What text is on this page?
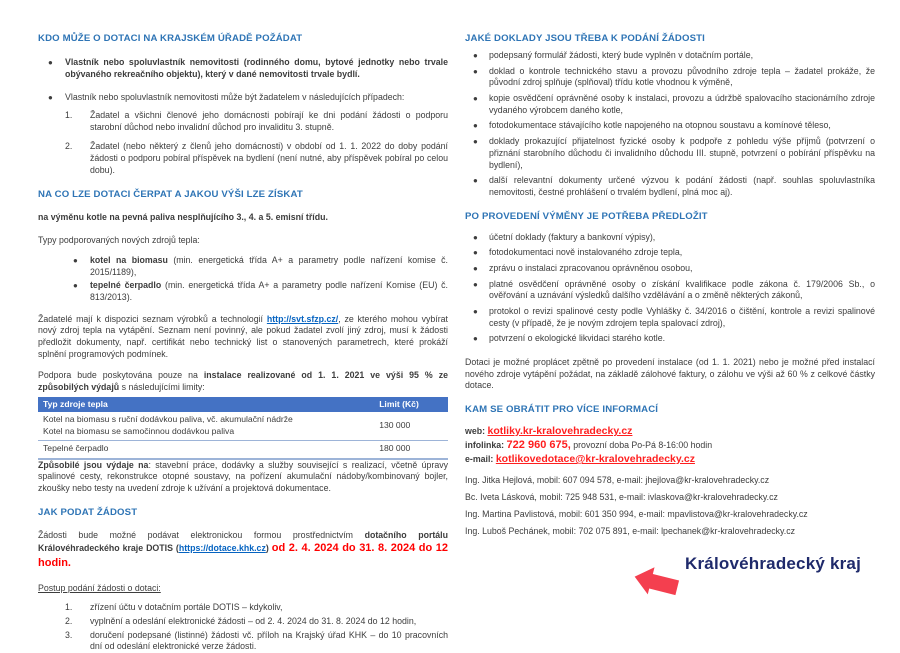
KDO MŮŽE O DOTACI NA KRAJSKÉM ÚŘADĚ POŽÁDAT
●	Vlastník nebo spoluvlastník nemovitosti (rodinného domu, bytové jednotky nebo trvale obývaného rekreačního objektu), který v dané nemovitosti trvale bydlí.

●	Vlastník nebo spoluvlastník nemovitosti může být žadatelem v následujících případech:

1.	Žadatel a všichni členové jeho domácnosti pobírají ke dni podání žádosti o podporu starobní důchod nebo invalidní důchod pro invaliditu 3. stupně.

2.	Žadatel (nebo některý z členů jeho domácnosti) v období od 1. 1. 2022 do doby podání žádosti o podporu pobíral příspěvek na bydlení (není nutné, aby příspěvek pobíral po celou dobu).

NA CO LZE DOTACI ČERPAT A JAKOU VÝŠI LZE ZÍSKAT

na výměnu kotle na pevná paliva nesplňujícího 3., 4. a 5. emisní třídu.

Typy podporovaných nových zdrojů tepla:

●	kotel na biomasu (min. energetická třída A+ a parametry podle nařízení komise č. 2015/1189),

●	tepelné čerpadlo (min. energetická třída A+ a parametry podle nařízení Komise (EU) č. 813/2013).

Žadatelé mají k dispozici seznam výrobků a technologií http://svt.sfzp.cz/, ze kterého mohou vybírat nový zdroj tepla na vytápění. Seznam není povinný, ale pokud žadatel zvolí jiný zdroj, musí k žádosti předložit dokumenty, např. certifikát nebo technický list o stanovených parametrech, které prokáží splnění programových podmínek.

Podpora bude poskytována pouze na instalace realizované od 1. 1. 2021 ve výši 95 % ze způsobilých výdajů s následujícími limity:

Typ zdroje tepla	Limit (Kč)
Kotel na biomasu s ruční dodávkou paliva, vč. akumulační nádrže
Kotel na biomasu se samočinnou dodávkou paliva	130 000
Tepelné čerpadlo	180 000

Způsobilé jsou výdaje na: stavební práce, dodávky a služby související s realizací, včetně úpravy spalinové cesty, rekonstrukce otopné soustavy, na pořízení akumulační nádoby/kombinovaný bojler, zkoušky nebo testy na uvedení zdroje k užívání a projektová dokumentace.

JAK PODAT ŽÁDOST

Žádosti bude možné podávat elektronickou formou prostřednictvím dotačního portálu Královéhradeckého kraje DOTIS (https://dotace.khk.cz) od 2. 4. 2024 do 31. 8. 2024 do 12 hodin.

Postup podání žádosti o dotaci:

1.	zřízení účtu v dotačním portále DOTIS – kdykoliv,

2.	vyplnění a odeslání elektronické žádosti – od 2. 4. 2024 do 31. 8. 2024 do 12 hodin,

3.	doručení podepsané (listinné) žádosti vč. příloh na Krajský úřad KHK – do 10 pracovních dní od odeslání elektronické verze žádosti.

JAKÉ DOKLADY JSOU TŘEBA K PODÁNÍ ŽÁDOSTI
●	podepsaný formulář žádosti, který bude vyplněn v dotačním portále,

●	doklad o kontrole technického stavu a provozu původního zdroje tepla – žadatel prokáže, že původní zdroj splňuje (splňoval) třídu kotle vhodnou k výměně,

●	kopie osvědčení oprávněné osoby k instalaci, provozu a údržbě spalovacího stacionárního zdroje vydaného výrobcem daného kotle,

●	fotodokumentace stávajícího kotle napojeného na otopnou soustavu a komínové těleso,

●	doklady prokazující přijatelnost fyzické osoby k podpoře z pohledu výše příjmů (potvrzení o přiznání starobního důchodu či invalidního důchodu III. stupně, potvrzení o pobírání příspěvku na bydlení),

●	další relevantní dokumenty určené výzvou k podání žádosti (např. souhlas spoluvlastníka nemovitosti, čestné prohlášení o trvalém bydlení, plná moc aj).

PO PROVEDENÍ VÝMĚNY JE POTŘEBA PŘEDLOŽIT
●	účetní doklady (faktury a bankovní výpisy),

●	fotodokumentaci nově instalovaného zdroje tepla,

●	zprávu o instalaci zpracovanou oprávněnou osobou,

●	platné osvědčení oprávněné osoby o získání kvalifikace podle zákona č. 179/2006 Sb., o ověřování a uznávání výsledků dalšího vzdělávání a o změně některých zákonů,

●	protokol o revizi spalinové cesty podle Vyhlášky č. 34/2016 o čištění, kontrole a revizi spalinové cesty (v případě, že je novým zdrojem tepla spalovací zdroj),

●	potvrzení o ekologické likvidaci starého kotle.

Dotaci je možné proplácet zpětně po provedení instalace (od 1. 1. 2021) nebo je možné před instalací nového zdroje vytápění požádat, na základě zálohové faktury, o zálohu ve výši až 60 % z celkové částky dotace.

KAM SE OBRÁTIT PRO VÍCE INFORMACÍ

web: kotliky.kr-kralovehradecky.cz

infolinka: 722 960 675, provozní doba Po-Pá 8-16:00 hodin

e-mail: kotlikovedotace@kr-kralovehradecky.cz

Ing. Jitka Hejlová, mobil: 607 094 578, e-mail: jhejlova@kr-kralovehradecky.cz

Bc. Iveta Lásková, mobil: 725 948 531, e-mail: ivlaskova@kr-kralovehradecky.cz

Ing. Martina Pavlistová, mobil: 601 350 994, e-mail: mpavlistova@kr-kralovehradecky.cz

Ing. Luboš Pechánek, mobil: 702 075 891, e-mail: lpechanek@kr-kralovehradecky.cz

Královéhradecký kraj
